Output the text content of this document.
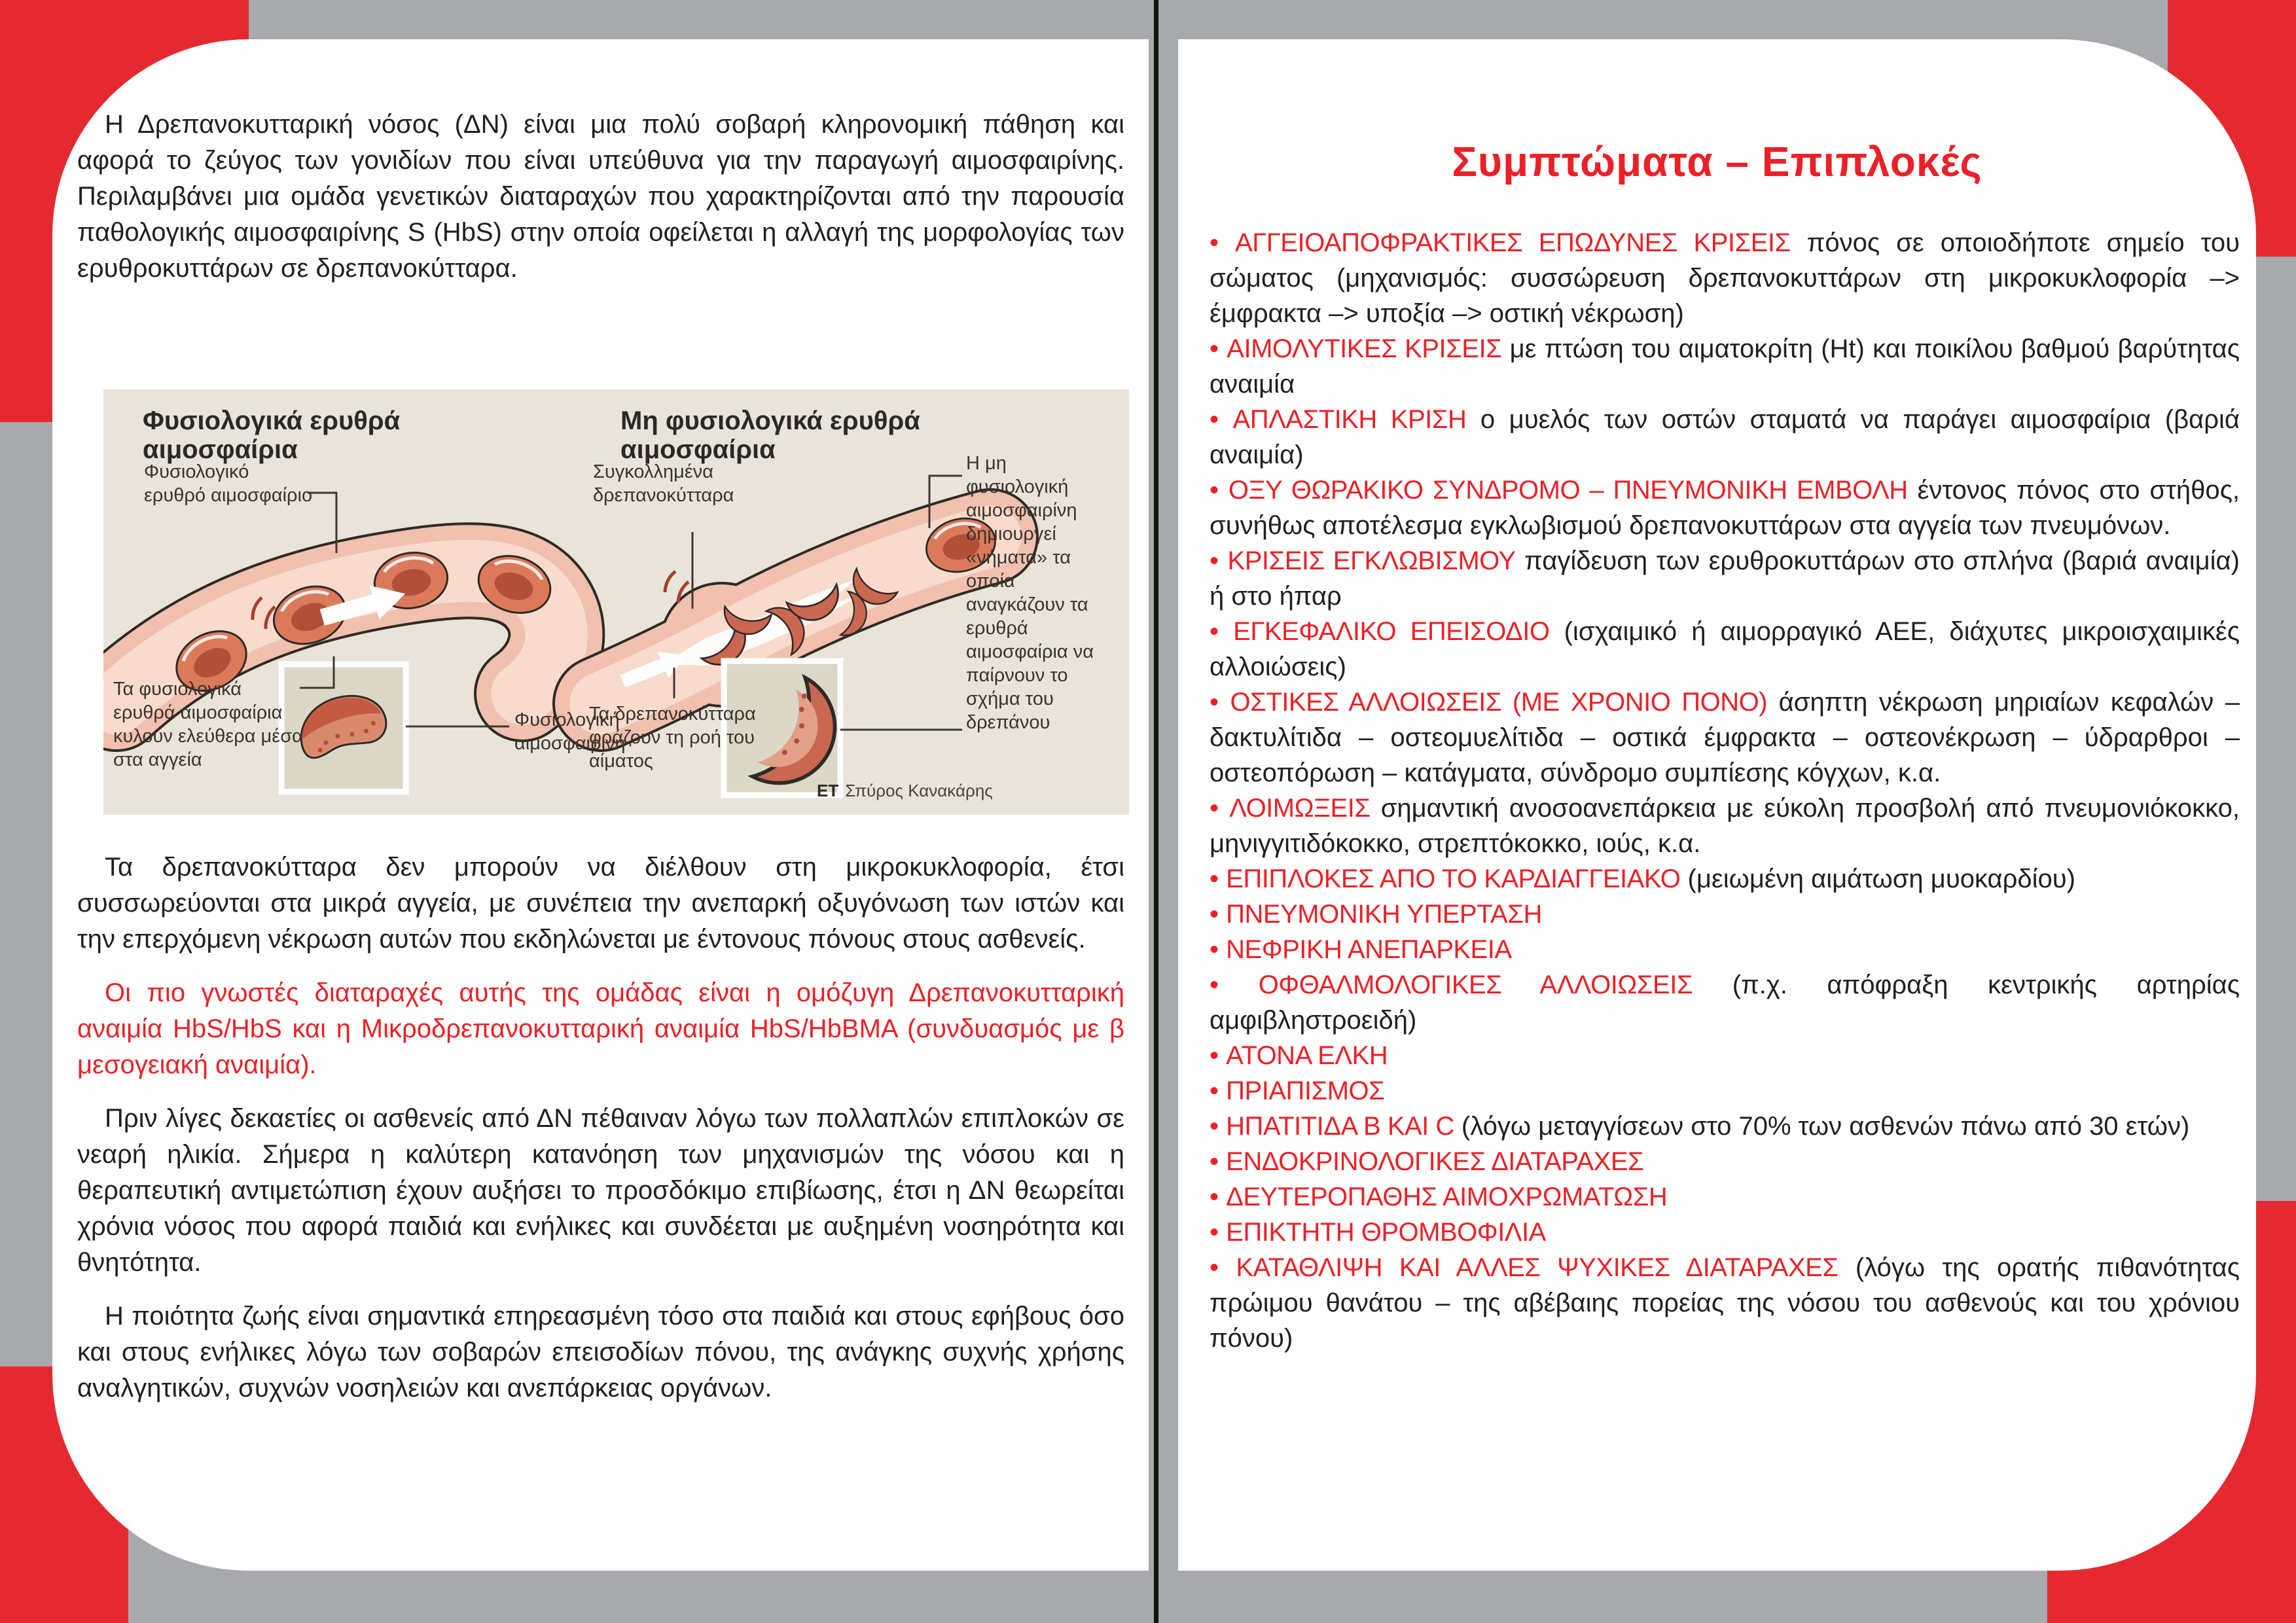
Η Δρεπανοκυτταρική νόσος (ΔΝ) είναι μια πολύ σοβαρή κληρονομική πάθηση και αφορά το ζεύγος των γονιδίων που είναι υπεύθυνα για την παραγωγή αιμοσφαιρίνης. Περιλαμβάνει μια ομάδα γενετικών διαταραχών που χαρακτηρίζονται από την παρουσία παθολογικής αιμοσφαιρίνης S (HbS) στην οποία οφείλεται η αλλαγή της μορφολογίας των ερυθροκυττάρων σε δρεπανοκύτταρα.

Φυσιολογικά ερυθρά αιμοσφαίρια
Μη φυσιολογικά ερυθρά αιμοσφαίρια
Φυσιολογικό ερυθρό αιμοσφαίριο
Τα φυσιολογικά ερυθρά αιμοσφαίρια κυλούν ελεύθερα μέσα στα αγγεία
Φυσιολογική αιμοσφαιρίνη
Συγκολλημένα δρεπανοκύτταρα
Τα δρεπανοκύτταρα φράζουν τη ροή του αίματος
Η μη φυσιολογική αιμοσφαιρίνη δημιουργεί «νήματα» τα οποία αναγκάζουν τα ερυθρά αιμοσφαίρια να παίρνουν το σχήμα του δρεπάνου
ΕΤ Σπύρος Κανακάρης

Τα δρεπανοκύτταρα δεν μπορούν να διέλθουν στη μικροκυκλοφορία, έτσι συσσωρεύονται στα μικρά αγγεία, με συνέπεια την ανεπαρκή οξυγόνωση των ιστών και την επερχόμενη νέκρωση αυτών που εκδηλώνεται με έντονους πόνους στους ασθενείς.

Οι πιο γνωστές διαταραχές αυτής της ομάδας είναι η ομόζυγη Δρεπανοκυτταρική αναιμία HbS/HbS και η Μικροδρεπανοκυτταρική αναιμία HbS/HbΒΜΑ (συνδυασμός με β μεσογειακή αναιμία).

Πριν λίγες δεκαετίες οι ασθενείς από ΔΝ πέθαιναν λόγω των πολλαπλών επιπλοκών σε νεαρή ηλικία. Σήμερα η καλύτερη κατανόηση των μηχανισμών της νόσου και η θεραπευτική αντιμετώπιση έχουν αυξήσει το προσδόκιμο επιβίωσης, έτσι η ΔΝ θεωρείται χρόνια νόσος που αφορά παιδιά και ενήλικες και συνδέεται με αυξημένη νοσηρότητα και θνητότητα.

Η ποιότητα ζωής είναι σημαντικά επηρεασμένη τόσο στα παιδιά και στους εφήβους όσο και στους ενήλικες λόγω των σοβαρών επεισοδίων πόνου, της ανάγκης συχνής χρήσης αναλγητικών, συχνών νοσηλειών και ανεπάρκειας οργάνων.

Συμπτώματα – Επιπλοκές
• ΑΓΓΕΙΟΑΠΟΦΡΑΚΤΙΚΕΣ ΕΠΩΔΥΝΕΣ ΚΡΙΣΕΙΣ πόνος σε οποιοδήποτε σημείο του σώματος (μηχανισμός: συσσώρευση δρεπανοκυττάρων στη μικροκυκλοφορία –> έμφρακτα –> υποξία –> οστική νέκρωση)
• ΑΙΜΟΛΥΤΙΚΕΣ ΚΡΙΣΕΙΣ με πτώση του αιματοκρίτη (Ht) και ποικίλου βαθμού βαρύτητας αναιμία
• ΑΠΛΑΣΤΙΚΗ ΚΡΙΣΗ ο μυελός των οστών σταματά να παράγει αιμοσφαίρια (βαριά αναιμία)
• ΟΞΥ ΘΩΡΑΚΙΚΟ ΣΥΝΔΡΟΜΟ – ΠΝΕΥΜΟΝΙΚΗ ΕΜΒΟΛΗ έντονος πόνος στο στήθος, συνήθως αποτέλεσμα εγκλωβισμού δρεπανοκυττάρων στα αγγεία των πνευμόνων.
• ΚΡΙΣΕΙΣ ΕΓΚΛΩΒΙΣΜΟΥ παγίδευση των ερυθροκυττάρων στο σπλήνα (βαριά αναιμία) ή στο ήπαρ
• ΕΓΚΕΦΑΛΙΚΟ ΕΠΕΙΣΟΔΙΟ (ισχαιμικό ή αιμορραγικό ΑΕΕ, διάχυτες μικροισχαιμικές αλλοιώσεις)
• ΟΣΤΙΚΕΣ ΑΛΛΟΙΩΣΕΙΣ (ΜΕ ΧΡΟΝΙΟ ΠΟΝΟ) άσηπτη νέκρωση μηριαίων κεφαλών – δακτυλίτιδα – οστεομυελίτιδα – οστικά έμφρακτα – οστεονέκρωση – ύδραρθροι – οστεοπόρωση – κατάγματα, σύνδρομο συμπίεσης κόγχων, κ.α.
• ΛΟΙΜΩΞΕΙΣ σημαντική ανοσοανεπάρκεια με εύκολη προσβολή από πνευμονιόκοκκο, μηνιγγιτιδόκοκκο, στρεπτόκοκκο, ιούς, κ.α.
• ΕΠΙΠΛΟΚΕΣ ΑΠΟ ΤΟ ΚΑΡΔΙΑΓΓΕΙΑΚΟ (μειωμένη αιμάτωση μυοκαρδίου)
• ΠΝΕΥΜΟΝΙΚΗ ΥΠΕΡΤΑΣΗ
• ΝΕΦΡΙΚΗ ΑΝΕΠΑΡΚΕΙΑ
• ΟΦΘΑΛΜΟΛΟΓΙΚΕΣ ΑΛΛΟΙΩΣΕΙΣ (π.χ. απόφραξη κεντρικής αρτηρίας αμφιβληστροειδή)
• ΑΤΟΝΑ ΕΛΚΗ
• ΠΡΙΑΠΙΣΜΟΣ
• ΗΠΑΤΙΤΙΔΑ Β ΚΑΙ C (λόγω μεταγγίσεων στο 70% των ασθενών πάνω από 30 ετών)
• ΕΝΔΟΚΡΙΝΟΛΟΓΙΚΕΣ ΔΙΑΤΑΡΑΧΕΣ
• ΔΕΥΤΕΡΟΠΑΘΗΣ ΑΙΜΟΧΡΩΜΑΤΩΣΗ
• ΕΠΙΚΤΗΤΗ ΘΡΟΜΒΟΦΙΛΙΑ
• ΚΑΤΑΘΛΙΨΗ ΚΑΙ ΑΛΛΕΣ ΨΥΧΙΚΕΣ ΔΙΑΤΑΡΑΧΕΣ (λόγω της ορατής πιθανότητας πρώιμου θανάτου – της αβέβαιης πορείας της νόσου του ασθενούς και του χρόνιου πόνου)
